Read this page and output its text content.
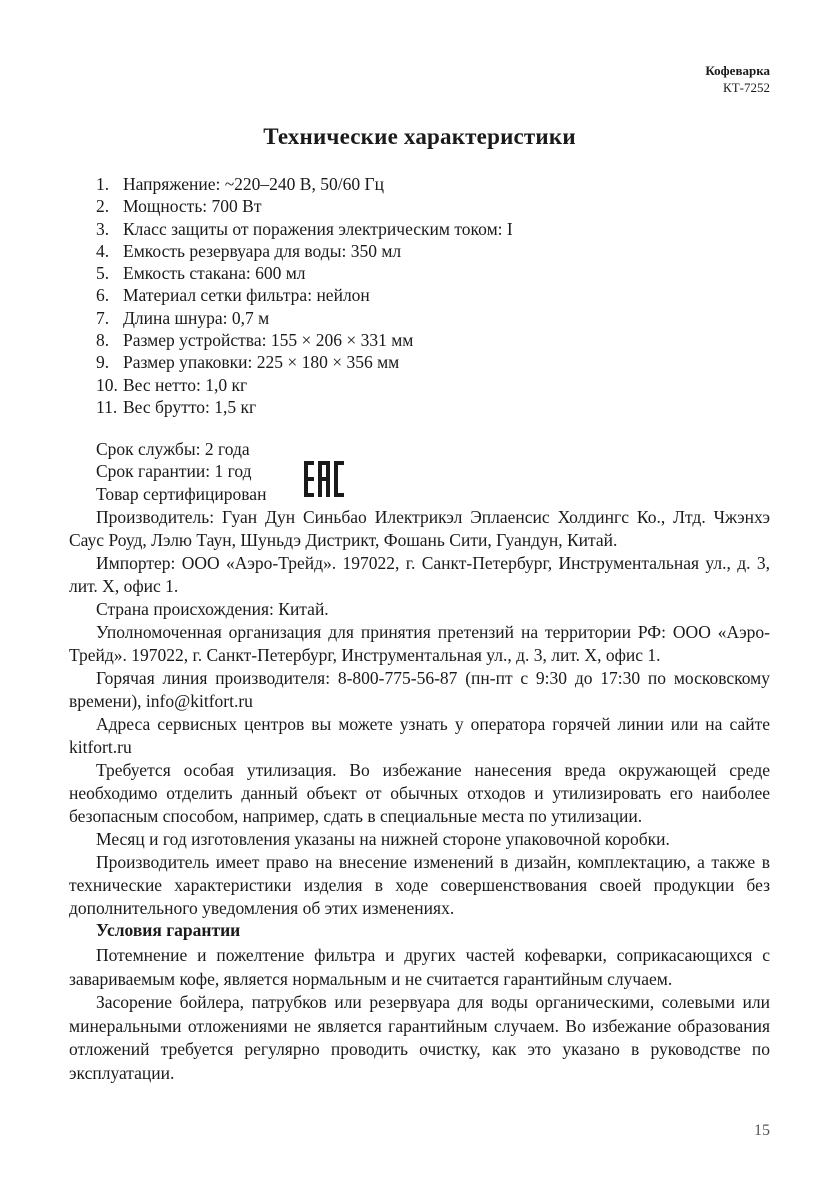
Кофеварка
КТ-7252
Технические характеристики
1. Напряжение: ~220–240 В, 50/60 Гц
2. Мощность: 700 Вт
3. Класс защиты от поражения электрическим током: I
4. Емкость резервуара для воды: 350 мл
5. Емкость стакана: 600 мл
6. Материал сетки фильтра: нейлон
7. Длина шнура: 0,7 м
8. Размер устройства: 155 × 206 × 331 мм
9. Размер упаковки: 225 × 180 × 356 мм
10. Вес нетто: 1,0 кг
11. Вес брутто: 1,5 кг
Срок службы: 2 года
Срок гарантии: 1 год
Товар сертифицирован

Производитель: Гуан Дун Синьбао Илектрикэл Эплаенсис Холдингс Ко., Лтд. Чжэнхэ Саус Роуд, Лэлю Таун, Шуньдэ Дистрикт, Фошань Сити, Гуандун, Китай.

Импортер: ООО «Аэро-Трейд». 197022, г. Санкт-Петербург, Инструментальная ул., д. 3, лит. Х, офис 1.

Страна происхождения: Китай.

Уполномоченная организация для принятия претензий на территории РФ: ООО «Аэро-Трейд». 197022, г. Санкт-Петербург, Инструментальная ул., д. 3, лит. Х, офис 1.

Горячая линия производителя: 8-800-775-56-87 (пн-пт с 9:30 до 17:30 по московскому времени), info@kitfort.ru

Адреса сервисных центров вы можете узнать у оператора горячей линии или на сайте kitfort.ru

Требуется особая утилизация. Во избежание нанесения вреда окружающей среде необходимо отделить данный объект от обычных отходов и утилизировать его наиболее безопасным способом, например, сдать в специальные места по утилизации.

Месяц и год изготовления указаны на нижней стороне упаковочной коробки.

Производитель имеет право на внесение изменений в дизайн, комплектацию, а также в технические характеристики изделия в ходе совершенствования своей продукции без дополнительного уведомления об этих изменениях.

Условия гарантии

Потемнение и пожелтение фильтра и других частей кофеварки, соприкасающихся с завариваемым кофе, является нормальным и не считается гарантийным случаем.

Засорение бойлера, патрубков или резервуара для воды органическими, солевыми или минеральными отложениями не является гарантийным случаем. Во избежание образования отложений требуется регулярно проводить очистку, как это указано в руководстве по эксплуатации.

15
